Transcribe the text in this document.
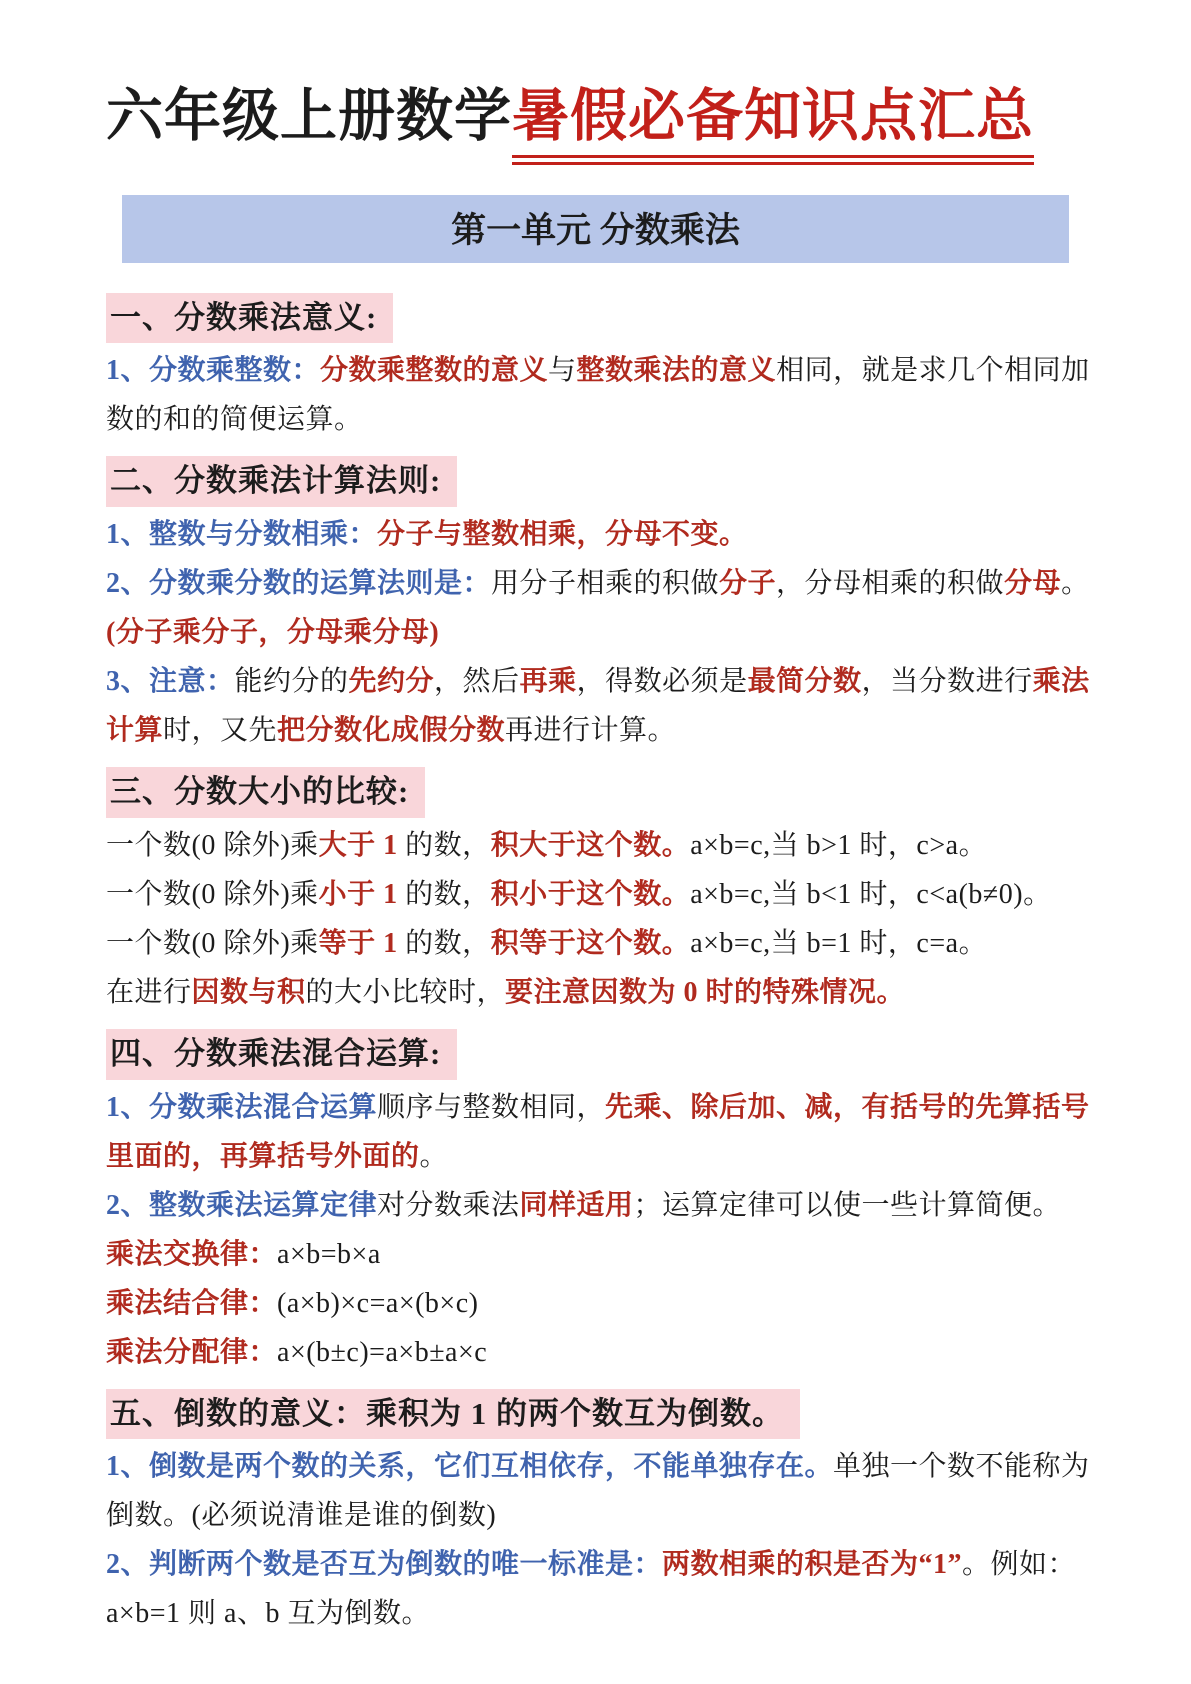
六年级上册数学暑假必备知识点汇总
第一单元 分数乘法
一、分数乘法意义:
1、分数乘整数：分数乘整数的意义与整数乘法的意义相同，就是求几个相同加
数的和的简便运算。
二、分数乘法计算法则:
1、整数与分数相乘：分子与整数相乘，分母不变。
2、分数乘分数的运算法则是：用分子相乘的积做分子，分母相乘的积做分母。
(分子乘分子，分母乘分母)
3、注意：能约分的先约分，然后再乘，得数必须是最简分数，当分数进行乘法
计算时，又先把分数化成假分数再进行计算。
三、分数大小的比较:
一个数(0 除外)乘大于 1 的数，积大于这个数。a×b=c,当 b>1 时，c>a。
一个数(0 除外)乘小于 1 的数，积小于这个数。a×b=c,当 b<1 时，c<a(b≠0)。
一个数(0 除外)乘等于 1 的数，积等于这个数。a×b=c,当 b=1 时，c=a。
在进行因数与积的大小比较时，要注意因数为 0 时的特殊情况。
四、分数乘法混合运算:
1、分数乘法混合运算顺序与整数相同，先乘、除后加、减，有括号的先算括号
里面的，再算括号外面的。
2、整数乘法运算定律对分数乘法同样适用；运算定律可以使一些计算简便。
乘法交换律：a×b=b×a
乘法结合律：(a×b)×c=a×(b×c)
乘法分配律：a×(b±c)=a×b±a×c
五、倒数的意义：乘积为 1 的两个数互为倒数。
1、倒数是两个数的关系，它们互相依存，不能单独存在。单独一个数不能称为
倒数。(必须说清谁是谁的倒数)
2、判断两个数是否互为倒数的唯一标准是：两数相乘的积是否为“1”。例如：
a×b=1 则 a、b 互为倒数。
